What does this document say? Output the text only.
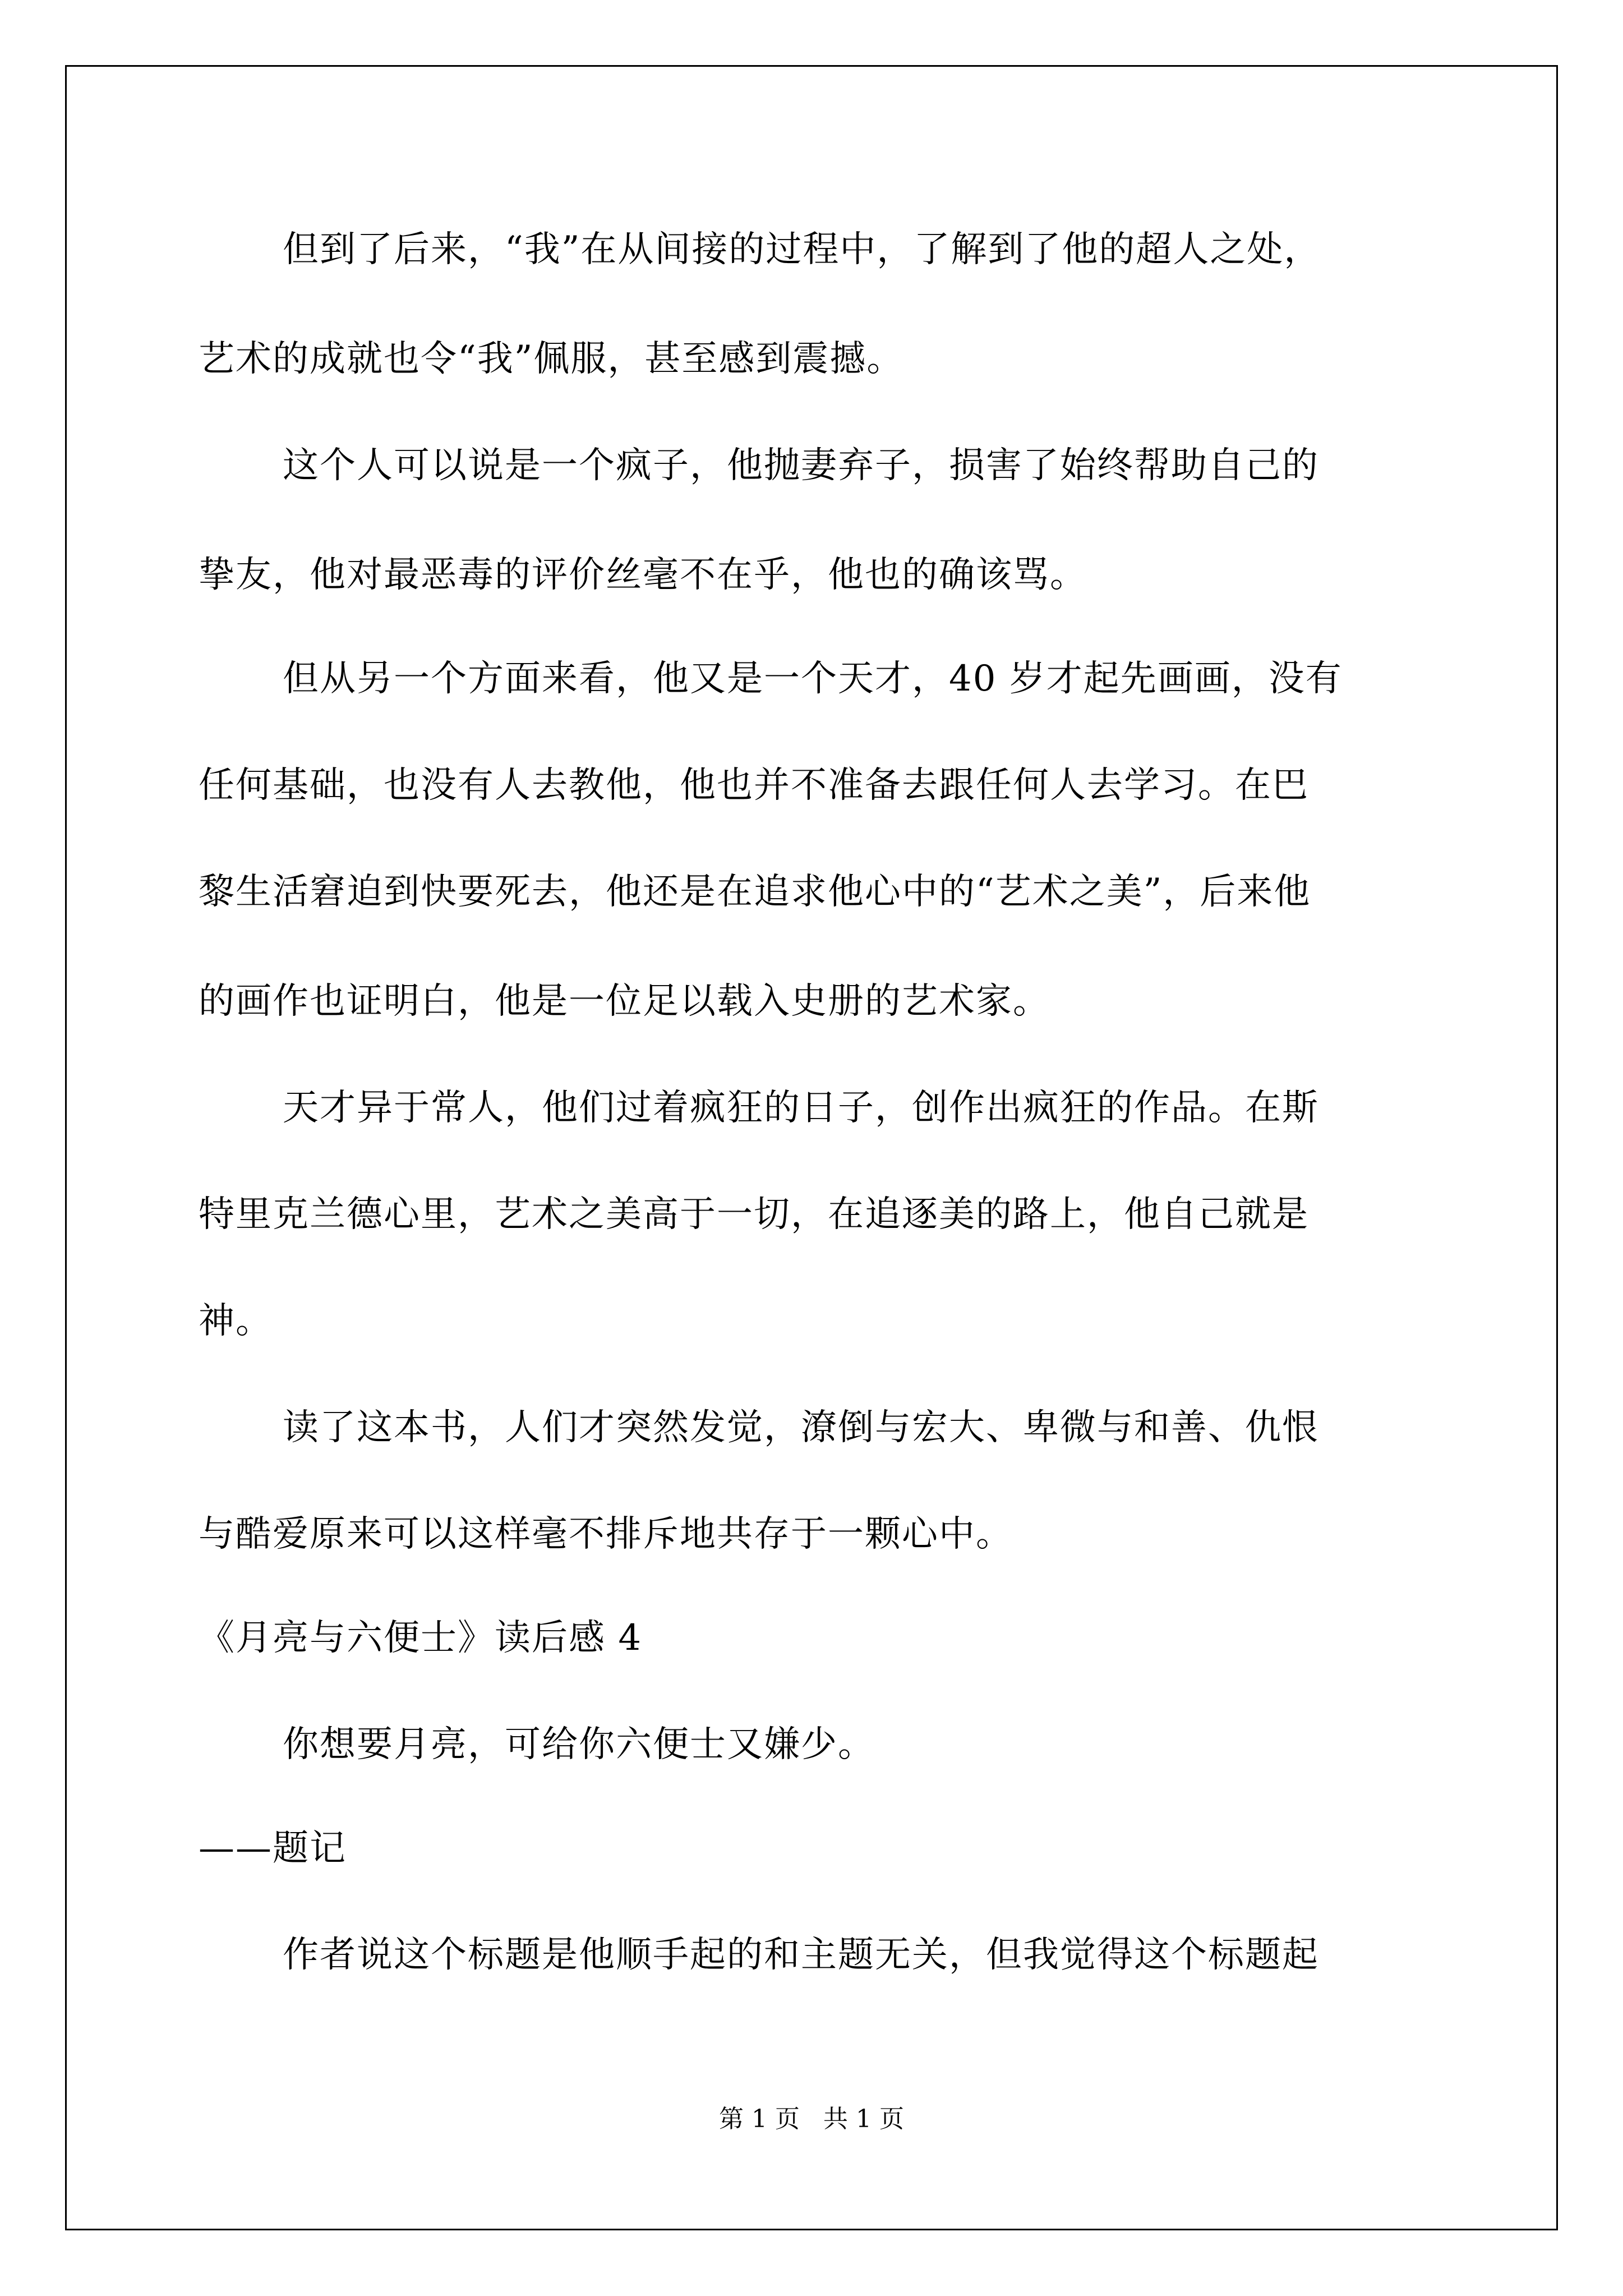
但到了后来，“我”在从间接的过程中，了解到了他的超人之处，
艺术的成就也令“我”佩服，甚至感到震撼。
这个人可以说是一个疯子，他抛妻弃子，损害了始终帮助自己的
挚友，他对最恶毒的评价丝毫不在乎，他也的确该骂。
但从另一个方面来看，他又是一个天才，40 岁才起先画画，没有
任何基础，也没有人去教他，他也并不准备去跟任何人去学习。在巴
黎生活窘迫到快要死去，他还是在追求他心中的“艺术之美”，后来他
的画作也证明白，他是一位足以载入史册的艺术家。
天才异于常人，他们过着疯狂的日子，创作出疯狂的作品。在斯
特里克兰德心里，艺术之美高于一切，在追逐美的路上，他自己就是
神。
读了这本书，人们才突然发觉，潦倒与宏大、卑微与和善、仇恨
与酷爱原来可以这样毫不排斥地共存于一颗心中。
《月亮与六便士》读后感 4
你想要月亮，可给你六便士又嫌少。
——题记
作者说这个标题是他顺手起的和主题无关，但我觉得这个标题起
第 1 页   共 1 页
